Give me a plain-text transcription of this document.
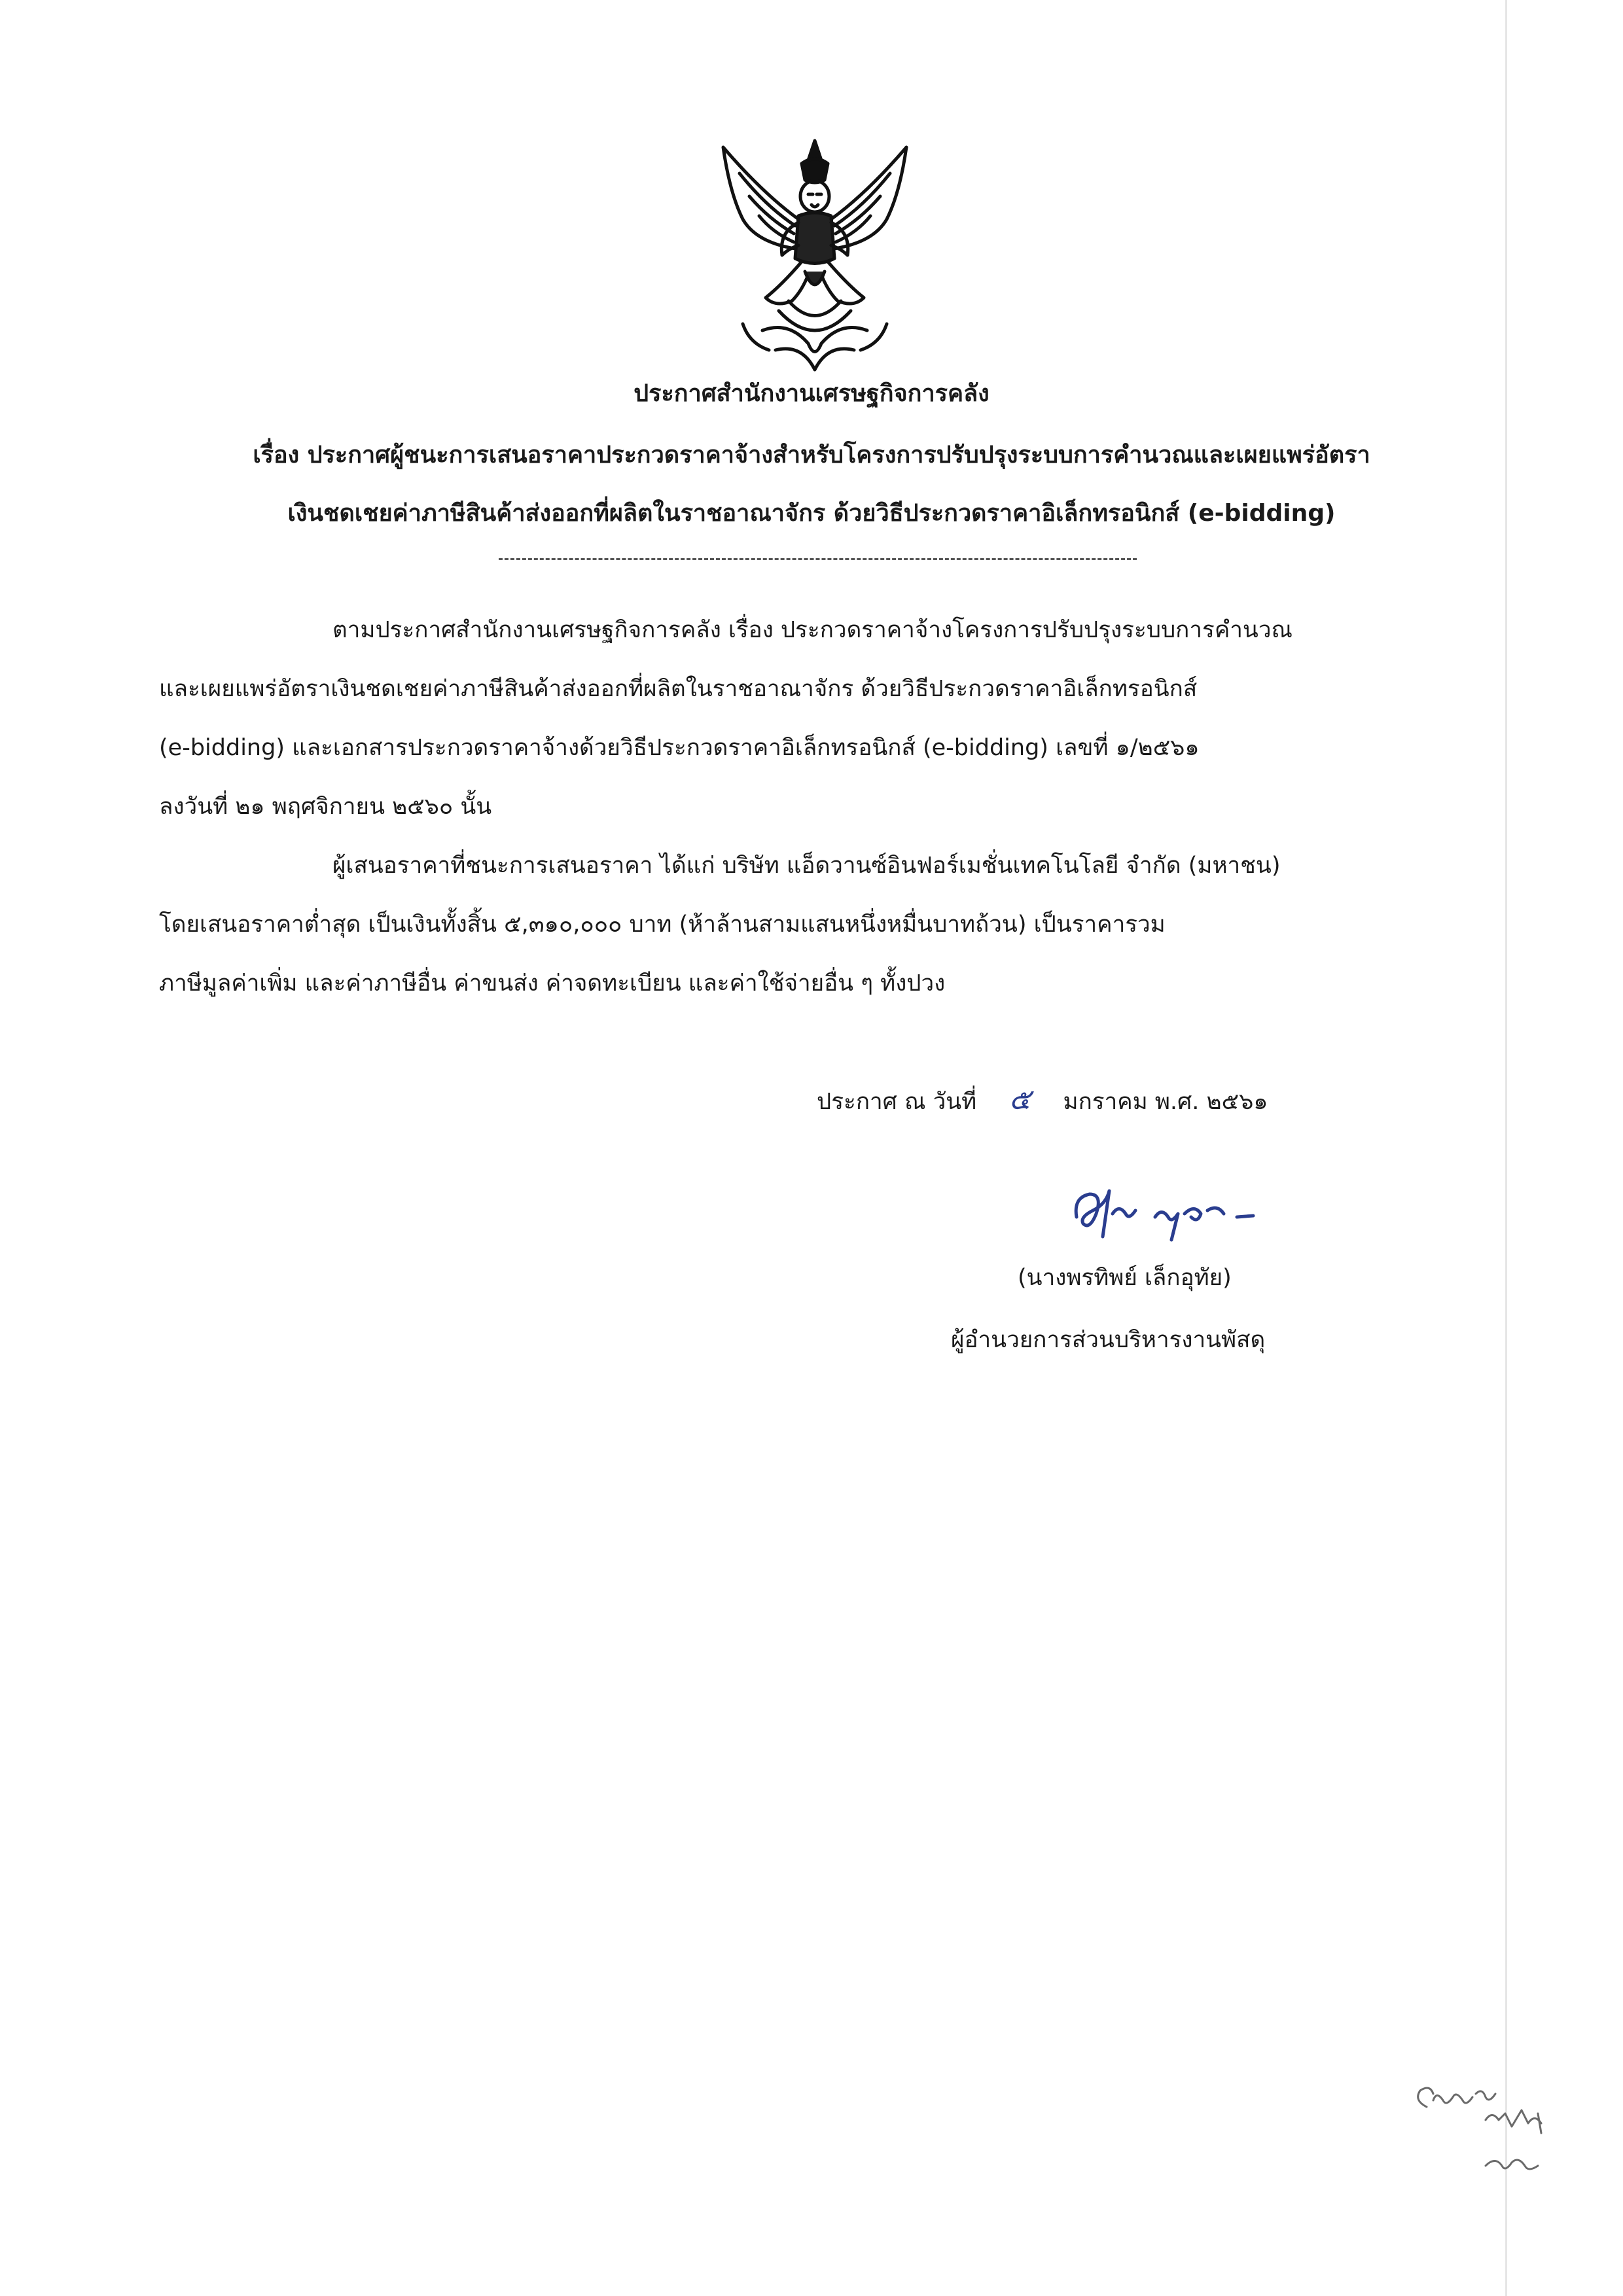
ประกาศสำนักงานเศรษฐกิจการคลัง
เรื่อง ประกาศผู้ชนะการเสนอราคาประกวดราคาจ้างสำหรับโครงการปรับปรุงระบบการคำนวณและเผยแพร่อัตรา
เงินชดเชยค่าภาษีสินค้าส่งออกที่ผลิตในราชอาณาจักร ด้วยวิธีประกวดราคาอิเล็กทรอนิกส์ (e-bidding)
ตามประกาศสำนักงานเศรษฐกิจการคลัง เรื่อง ประกวดราคาจ้างโครงการปรับปรุงระบบการคำนวณ
และเผยแพร่อัตราเงินชดเชยค่าภาษีสินค้าส่งออกที่ผลิตในราชอาณาจักร ด้วยวิธีประกวดราคาอิเล็กทรอนิกส์
(e-bidding) และเอกสารประกวดราคาจ้างด้วยวิธีประกวดราคาอิเล็กทรอนิกส์ (e-bidding) เลขที่ ๑/๒๕๖๑
ลงวันที่ ๒๑ พฤศจิกายน ๒๕๖๐ นั้น
ผู้เสนอราคาที่ชนะการเสนอราคา ได้แก่ บริษัท แอ็ดวานซ์อินฟอร์เมชั่นเทคโนโลยี จำกัด (มหาชน)
โดยเสนอราคาต่ำสุด เป็นเงินทั้งสิ้น ๕,๓๑๐,๐๐๐ บาท (ห้าล้านสามแสนหนึ่งหมื่นบาทถ้วน) เป็นราคารวม
ภาษีมูลค่าเพิ่ม และค่าภาษีอื่น ค่าขนส่ง ค่าจดทะเบียน และค่าใช้จ่ายอื่น ๆ ทั้งปวง
ประกาศ ณ วันที่ ๕ มกราคม พ.ศ. ๒๕๖๑
(นางพรทิพย์ เล็กอุทัย)
ผู้อำนวยการส่วนบริหารงานพัสดุ
